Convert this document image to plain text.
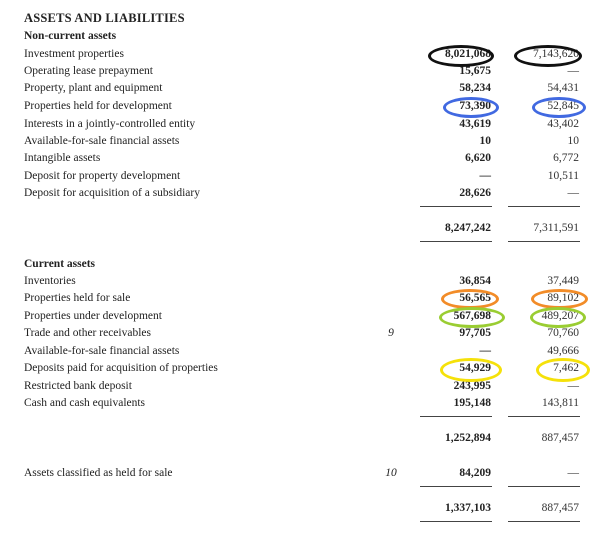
ASSETS AND LIABILITIES
Non-current assets
Investment properties	8,021,068	7,143,620
Operating lease prepayment	15,675	—
Property, plant and equipment	58,234	54,431
Properties held for development	73,390	52,845
Interests in a jointly-controlled entity	43,619	43,402
Available-for-sale financial assets	10	10
Intangible assets	6,620	6,772
Deposit for property development	—	10,511
Deposit for acquisition of a subsidiary	28,626	—
8,247,242	7,311,591
Current assets
Inventories	36,854	37,449
Properties held for sale	56,565	89,102
Properties under development	567,698	489,207
Trade and other receivables	9	97,705	70,760
Available-for-sale financial assets	—	49,666
Deposits paid for acquisition of properties	54,929	7,462
Restricted bank deposit	243,995	—
Cash and cash equivalents	195,148	143,811
1,252,894	887,457
Assets classified as held for sale	10	84,209	—
1,337,103	887,457
